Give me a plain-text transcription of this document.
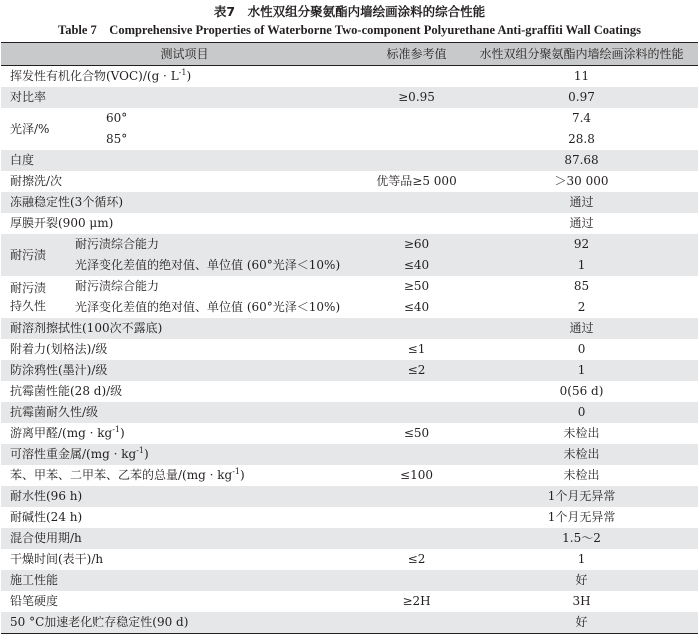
表7　水性双组分聚氨酯内墙绘画涂料的综合性能
Table 7　Comprehensive Properties of Waterborne Two-component Polyurethane Anti-graffiti Wall Coatings
测试项目		标准参考值	水性双组分聚氨酯内墙绘画涂料的性能
挥发性有机化合物$(VOC)/(g \cdot L^{-1})$			11
对比率		≥0.95	0.97
光泽/%	60°		7.4
	85°		28.8
白度			87.68
耐擦洗/次		优等品≥5 000	＞30 000
冻融稳定性(3个循环)			通过
厚膜开裂(900 μm)			通过
耐污渍	耐污渍综合能力	≥60	92
	光泽变化差值的绝对值、单位值 (60°光泽＜10%)	≤40	1
耐污渍
持久性	耐污渍综合能力	≥50	85
	光泽变化差值的绝对值、单位值 (60°光泽＜10%)	≤40	2
耐溶剂擦拭性(100次不露底)			通过
附着力(划格法)/级		≤1	0
防涂鸦性(墨汁)/级		≤2	1
抗霉菌性能(28 d)/级			0(56 d)
抗霉菌耐久性/级			0
游离甲醛$/(mg \cdot kg^{-1})$		≤50	未检出
可溶性重金属$/(mg \cdot kg^{-1})$			未检出
苯、甲苯、二甲苯、乙苯的总量$/(mg \cdot kg^{-1})$		≤100	未检出
耐水性(96 h)			1个月无异常
耐碱性(24 h)			1个月无异常
混合使用期/h			1.5～2
干燥时间(表干)/h		≤2	1
施工性能			好
铅笔硬度		≥2H	3H
50 °C加速老化贮存稳定性(90 d)			好
